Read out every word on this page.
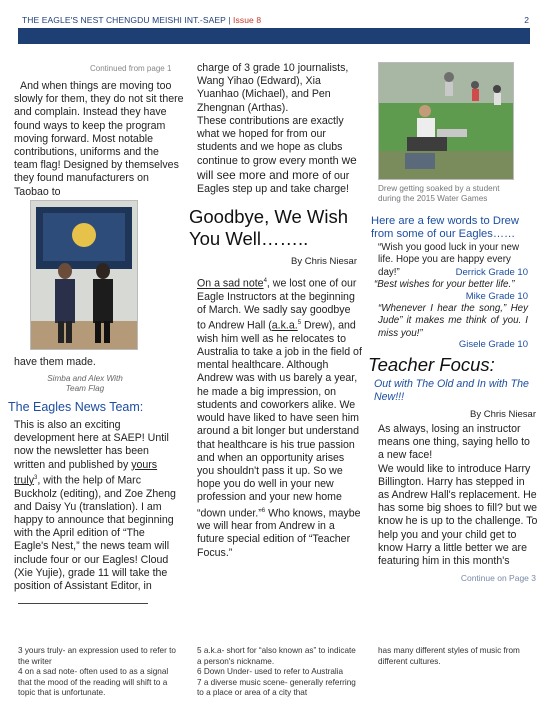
THE EAGLE'S NEST CHENGDU MEISHI INT.-SAEP | Issue 8	2
Continued from page 1

And when things are moving too slowly for them, they do not sit there and complain. Instead they have found ways to keep the program moving forward. Most notable contributions, uniforms and the team flag! Designed by themselves they found manufacturers on Taobao to

have them made.
Simba and Alex With Team Flag
The Eagles News Team:

This is also an exciting development here at SAEP! Until now the newsletter has been written and published by yours truly$^3$, with the help of Marc Buckholz (editing), and Zoe Zheng and Daisy Yu (translation). I am happy to announce that beginning with the April edition of “The Eagle's Nest,” the news team will include four or our Eagles! Cloud (Xie Yujie), grade 11 will take the position of Assistant Editor, in

charge of 3 grade 10 journalists, Wang Yihao (Edward), Xia Yuanhao (Michael), and Pen Zhengnan (Arthas).

These contributions are exactly what we hoped for from our students and we hope as clubs continue to grow every month we will see more and more of our Eagles step up and take charge!

Goodbye, We Wish You Well……..
By Chris Niesar

On a sad note$^4$, we lost one of our Eagle Instructors at the beginning of March. We sadly say goodbye to Andrew Hall (a.k.a.$^5$ Drew), and wish him well as he relocates to Australia to take a job in the field of mental healthcare. Although Andrew was with us barely a year, he made a big impression, on students and coworkers alike. We would have liked to have seen him around a bit longer but understand that healthcare is his true passion and when an opportunity arises you shouldn't pass it up. So we hope you do well in your new profession and your new home “down under.”$^6$ Who knows, maybe we will hear from Andrew in a future special edition of “Teacher Focus.”

Drew getting soaked by a student during the 2015 Water Games
Here are a few words to Drew from some of our Eagles……
“Wish you good luck in your new life. Hope you are happy every day!”	Derrick Grade 10
“Best wishes for your better life.”
Mike Grade 10
“Whenever I hear the song,” Hey Jude” it makes me think of you. I miss you!”
Gisele Grade 10
Teacher Focus:
Out with The Old and In with The New!!!
By Chris Niesar

As always, losing an instructor means one thing, saying hello to a new face!

We would like to introduce Harry Billington. Harry has stepped in as Andrew Hall's replacement. He has some big shoes to fill? but we know he is up to the challenge. To help you and your child get to know Harry a little better we are featuring him in this month's

Continue on Page 3

3 yours truly- an expression used to refer to the writer

4 on a sad note- often used to as a signal that the mood of the reading will shift to a topic that is unfortunate.

5 a.k.a- short for “also known as” to indicate a person's nickname.

6 Down Under- used to refer to Australia

7 a diverse music scene- generally referring to a place or area of a city that

has many different styles of music from different cultures.
